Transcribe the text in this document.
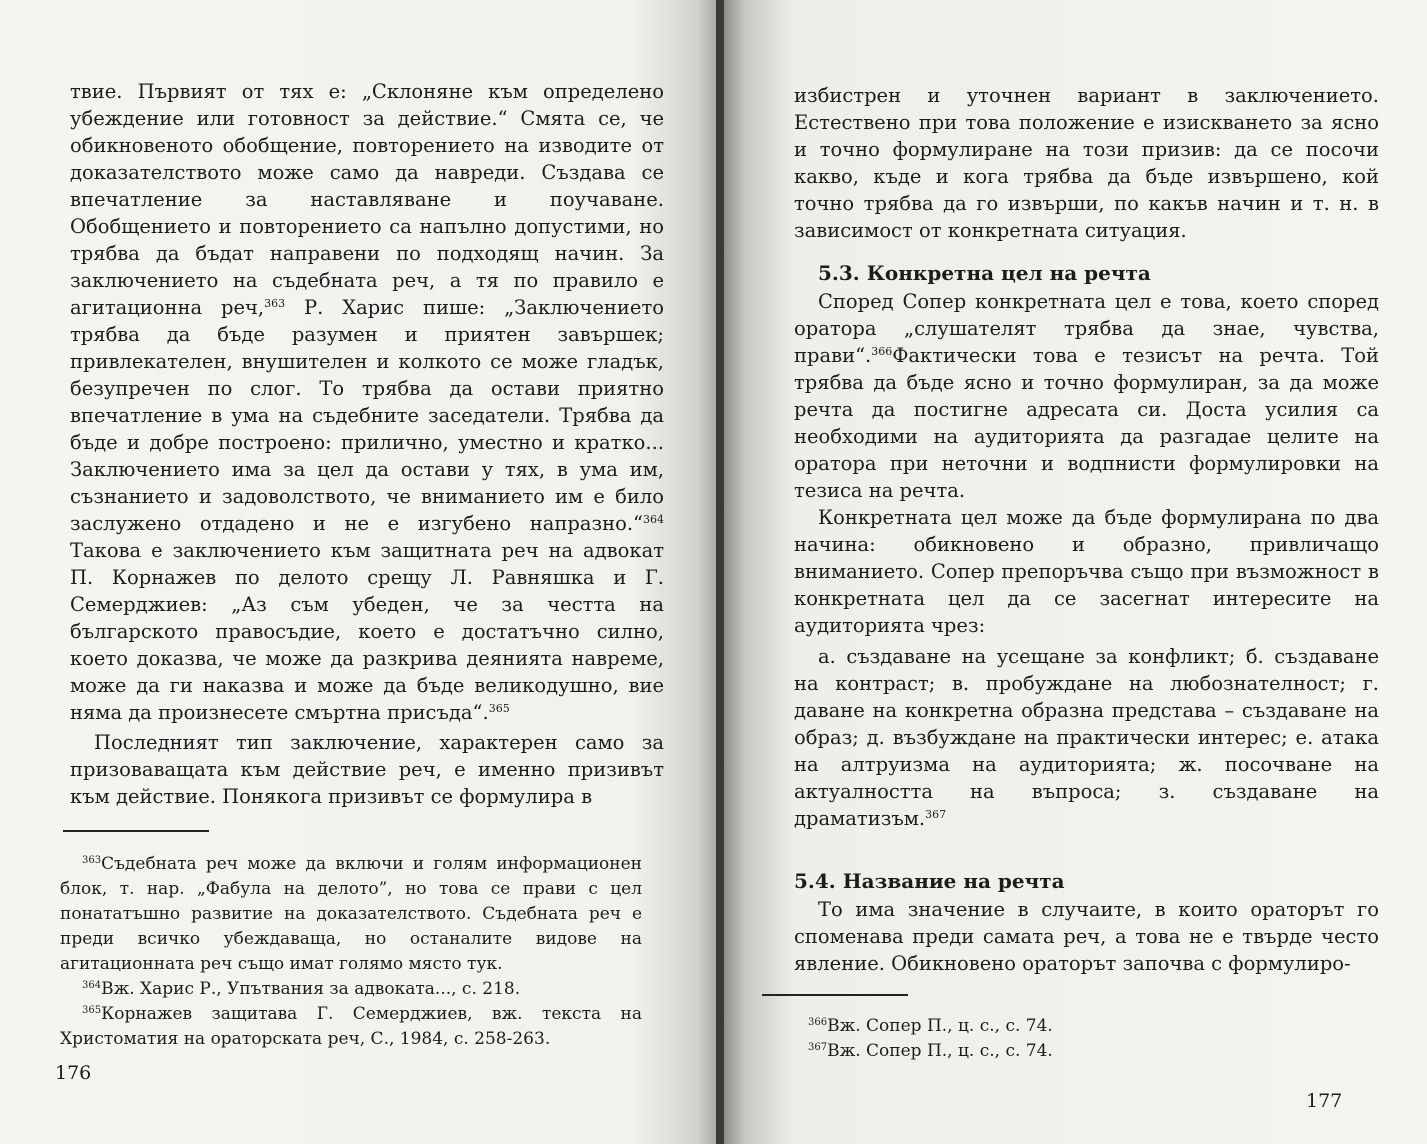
твие. Първият от тях е: „Склоняне към определено убеждение или готовност за действие.“ Смята се, че обикновеното обобщение, повторението на изводите от доказателството може само да навреди. Създава се впечатление за наставляване и поучаване. Обобщението и повторението са напълно допустими, но трябва да бъдат направени по подходящ начин. За заключението на съдебната реч, а тя по правило е агитационна реч,$^{363}$ Р. Харис пише: „Заключението трябва да бъде разумен и приятен завършек; привлекателен, внушителен и колкото се може гладък, безупречен по слог. То трябва да остави приятно впечатление в ума на съдебните заседатели. Трябва да бъде и добре построено: прилично, уместно и кратко... Заключението има за цел да остави у тях, в ума им, съзнанието и задоволството, че вниманието им е било заслужено отдадено и не е изгубено напразно.“$^{364}$ Такова е заключението към защитната реч на адвокат П. Корнажев по делото срещу Л. Равняшка и Г. Семерджиев: „Аз съм убеден, че за честта на българското правосъдие, което е достатъчно силно, което доказва, че може да разкрива деянията навреме, може да ги наказва и може да бъде великодушно, вие няма да произнесете смъртна присъда“.$^{365}$

Последният тип заключение, характерен само за призоваващата към действие реч, е именно призивът към действие. Понякога призивът се формулира в

$^{363}$Съдебната реч може да включи и голям информационен блок, т. нар. „Фабула на делото”, но това се прави с цел понататъшно развитие на доказателството. Съдебната реч е преди всичко убеждаваща, но останалите видове на агитационната реч също имат голямо място тук.

$^{364}$Вж. Харис Р., Упътвания за адвоката..., с. 218.

$^{365}$Корнажев защитава Г. Семерджиев, вж. текста на Христоматия на ораторската реч, С., 1984, с. 258-263.

176

избистрен и уточнен вариант в заключението. Естествено при това положение е изискването за ясно и точно формулиране на този призив: да се посочи какво, къде и кога трябва да бъде извършено, кой точно трябва да го извърши, по какъв начин и т. н. в зависимост от конкретната ситуация.

5.3. Конкретна цел на речта

Според Сопер конкретната цел е това, което според оратора „слушателят трябва да знае, чувства, прави“.$^{366}$Фактически това е тезисът на речта. Той трябва да бъде ясно и точно формулиран, за да може речта да постигне адресата си. Доста усилия са необходими на аудиторията да разгадае целите на оратора при неточни и водпнисти формулировки на тезиса на речта.

Конкретната цел може да бъде формулирана по два начина: обикновено и образно, привличащо вниманието. Сопер препоръчва също при възможност в конкретната цел да се засегнат интересите на аудиторията чрез:

а. създаване на усещане за конфликт; б. създаване на контраст; в. пробуждане на любознателност; г. даване на конкретна образна представа – създаване на образ; д. възбуждане на практически интерес; е. атака на алтруизма на аудиторията; ж. посочване на актуалността на въпроса; з. създаване на драматизъм.$^{367}$

5.4. Название на речта

То има значение в случаите, в които ораторът го споменава преди самата реч, а това не е твърде често явление. Обикновено ораторът започва с формулиро-

$^{366}$Вж. Сопер П., ц. с., с. 74.

$^{367}$Вж. Сопер П., ц. с., с. 74.

177
